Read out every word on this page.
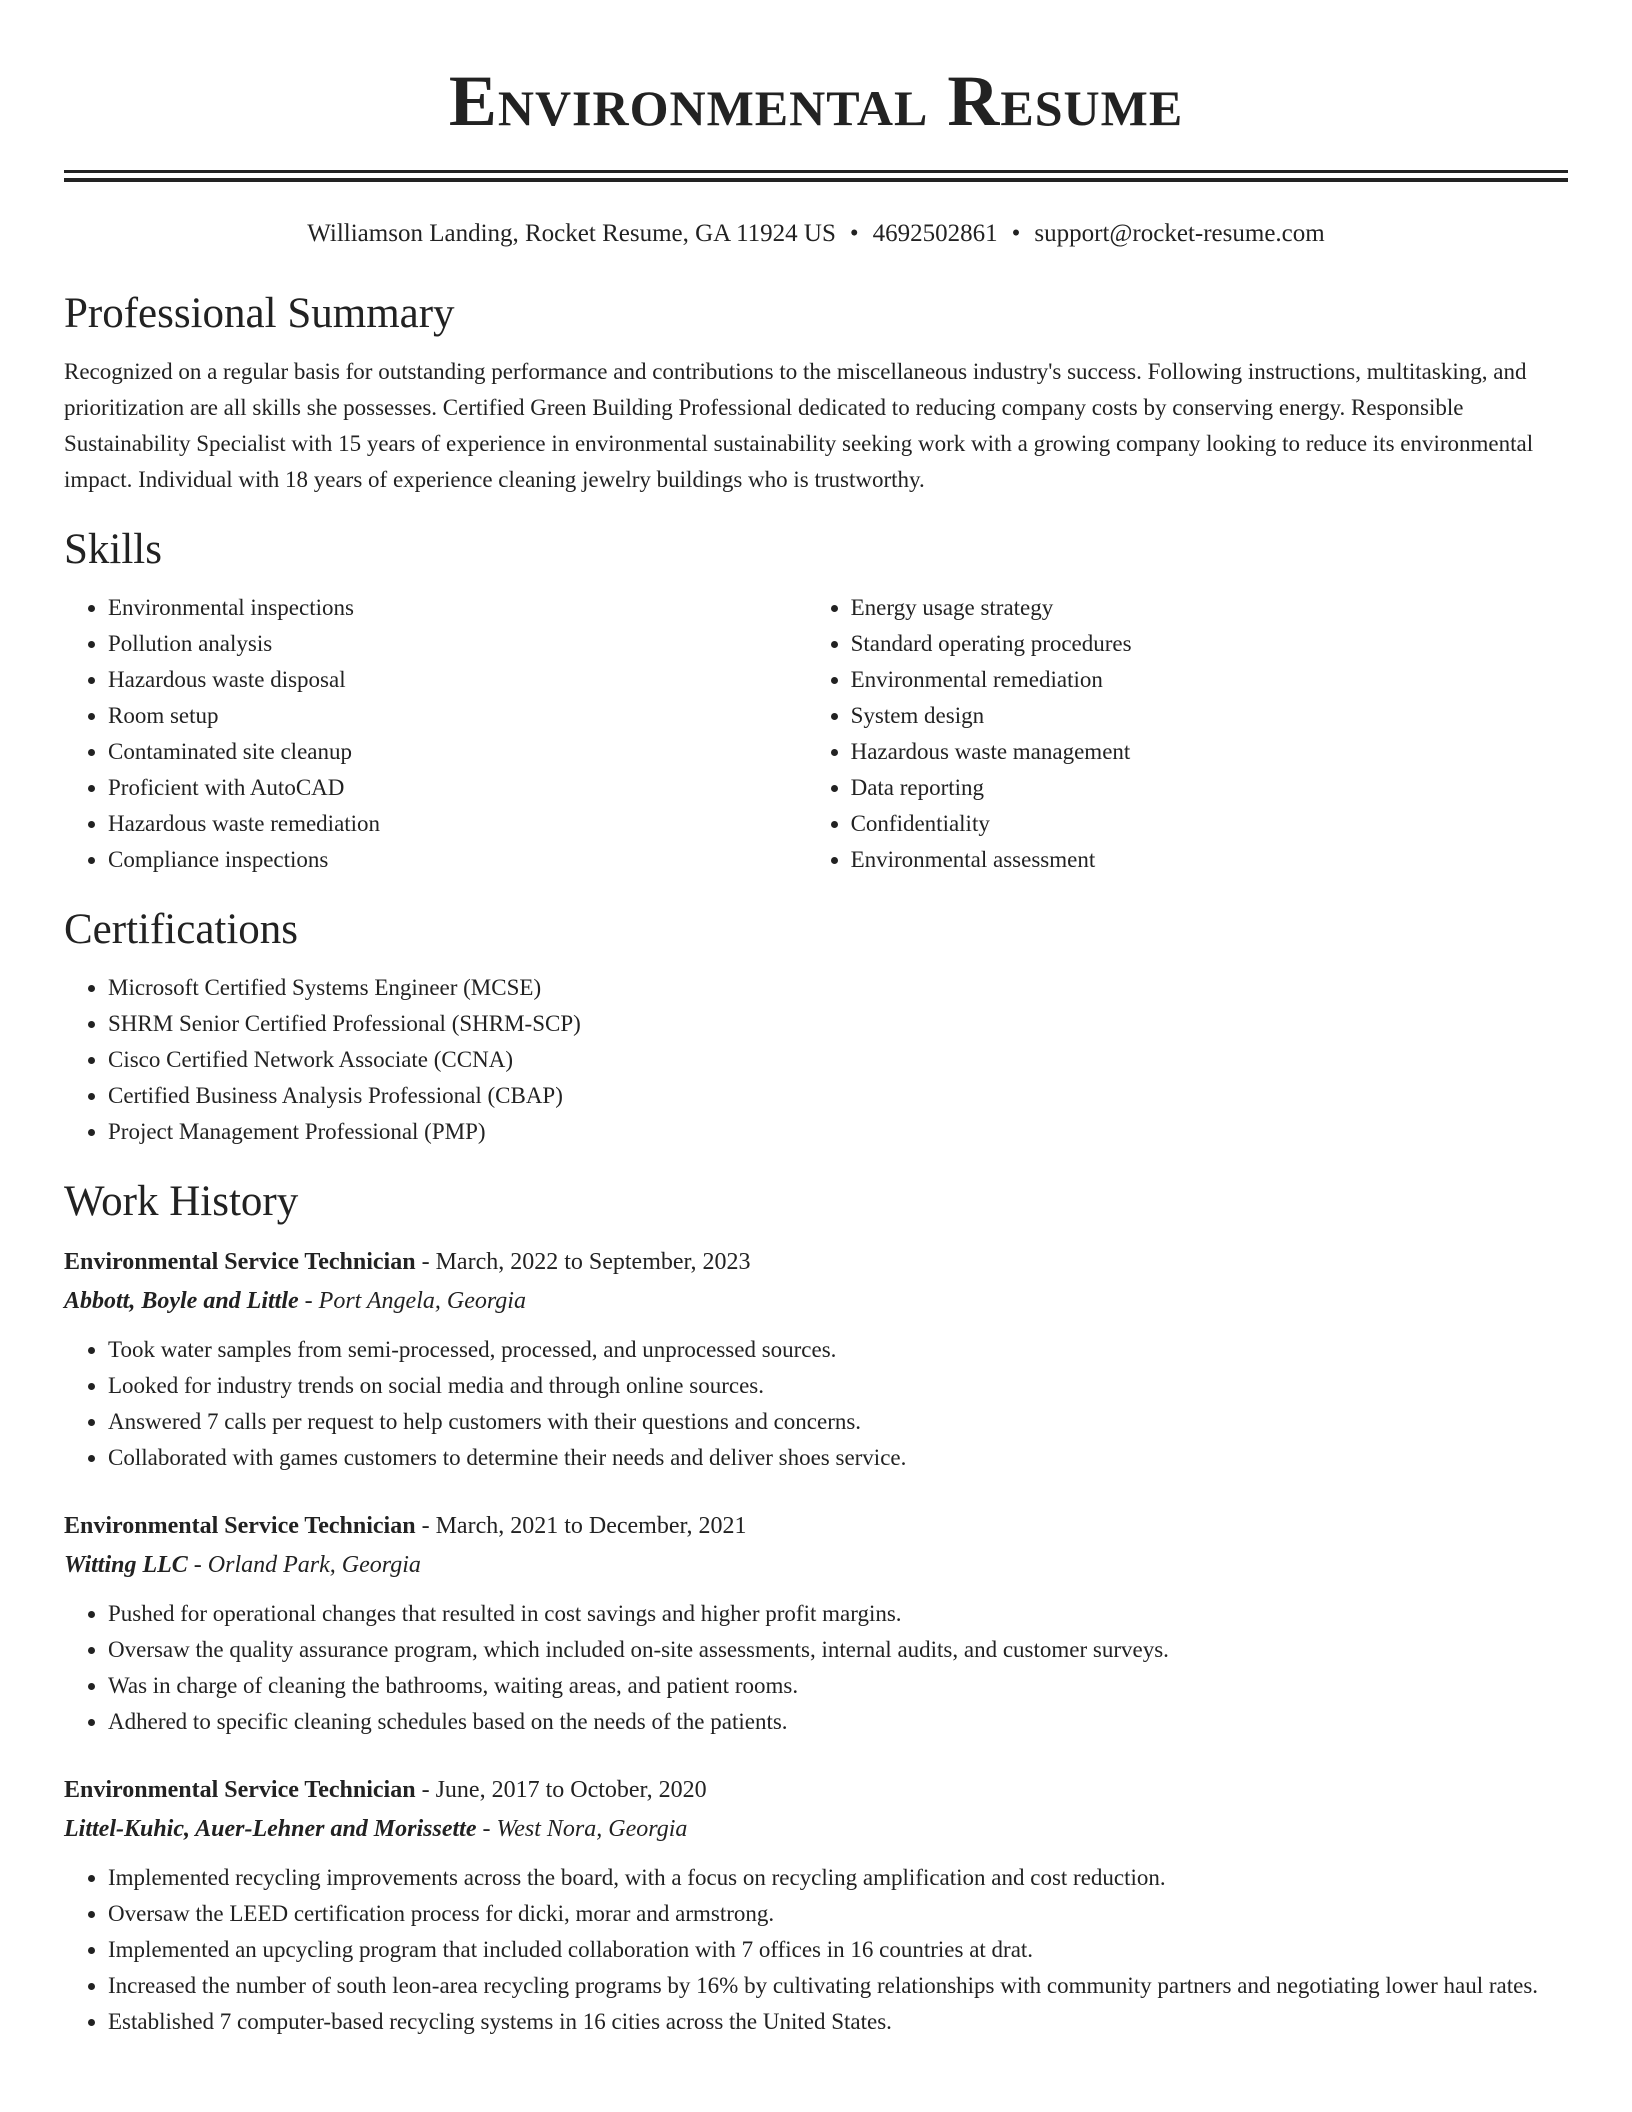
Environmental Resume
Williamson Landing, Rocket Resume, GA 11924 US • 4692502861 • support@rocket-resume.com
Professional Summary
Recognized on a regular basis for outstanding performance and contributions to the miscellaneous industry's success. Following instructions, multitasking, and prioritization are all skills she possesses. Certified Green Building Professional dedicated to reducing company costs by conserving energy. Responsible Sustainability Specialist with 15 years of experience in environmental sustainability seeking work with a growing company looking to reduce its environmental impact. Individual with 18 years of experience cleaning jewelry buildings who is trustworthy.
Skills
• Environmental inspections
• Pollution analysis
• Hazardous waste disposal
• Room setup
• Contaminated site cleanup
• Proficient with AutoCAD
• Hazardous waste remediation
• Compliance inspections
• Energy usage strategy
• Standard operating procedures
• Environmental remediation
• System design
• Hazardous waste management
• Data reporting
• Confidentiality
• Environmental assessment
Certifications
• Microsoft Certified Systems Engineer (MCSE)
• SHRM Senior Certified Professional (SHRM-SCP)
• Cisco Certified Network Associate (CCNA)
• Certified Business Analysis Professional (CBAP)
• Project Management Professional (PMP)
Work History
Environmental Service Technician - March, 2022 to September, 2023
Abbott, Boyle and Little - Port Angela, Georgia
• Took water samples from semi-processed, processed, and unprocessed sources.
• Looked for industry trends on social media and through online sources.
• Answered 7 calls per request to help customers with their questions and concerns.
• Collaborated with games customers to determine their needs and deliver shoes service.
Environmental Service Technician - March, 2021 to December, 2021
Witting LLC - Orland Park, Georgia
• Pushed for operational changes that resulted in cost savings and higher profit margins.
• Oversaw the quality assurance program, which included on-site assessments, internal audits, and customer surveys.
• Was in charge of cleaning the bathrooms, waiting areas, and patient rooms.
• Adhered to specific cleaning schedules based on the needs of the patients.
Environmental Service Technician - June, 2017 to October, 2020
Littel-Kuhic, Auer-Lehner and Morissette - West Nora, Georgia
• Implemented recycling improvements across the board, with a focus on recycling amplification and cost reduction.
• Oversaw the LEED certification process for dicki, morar and armstrong.
• Implemented an upcycling program that included collaboration with 7 offices in 16 countries at drat.
• Increased the number of south leon-area recycling programs by 16% by cultivating relationships with community partners and negotiating lower haul rates.
• Established 7 computer-based recycling systems in 16 cities across the United States.
